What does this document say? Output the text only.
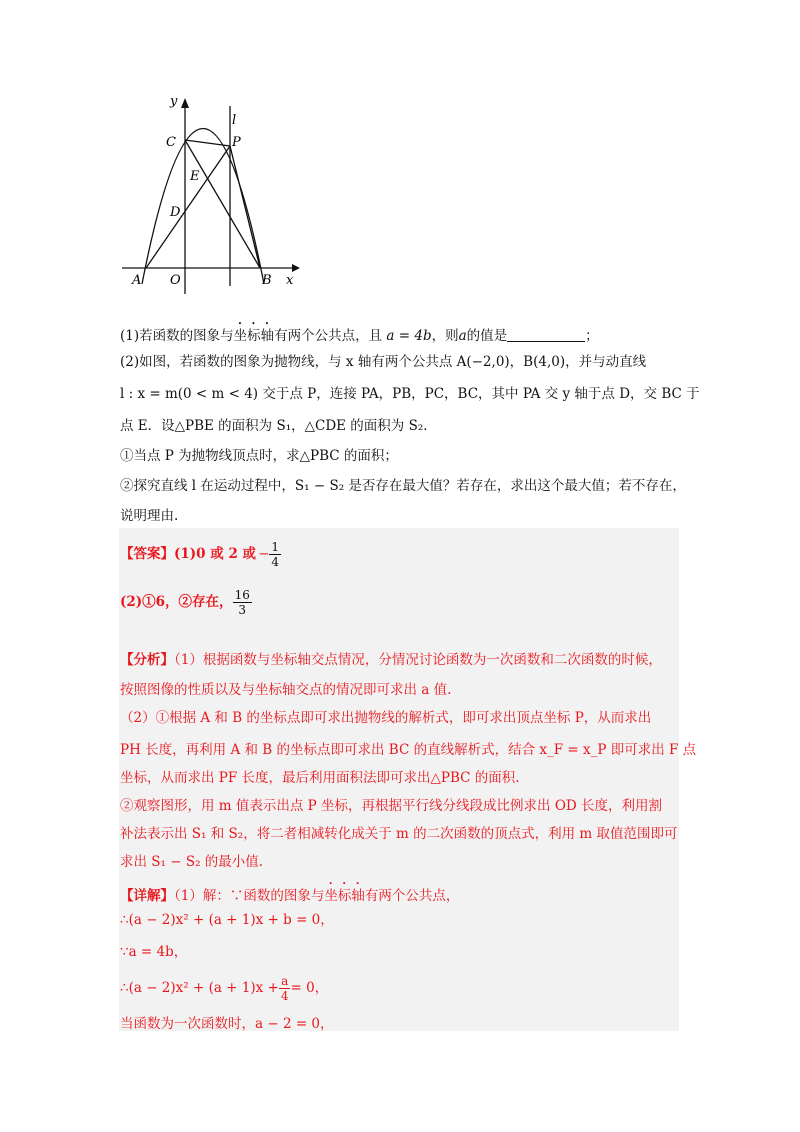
y
l
C	P
E
D
A O	B x
(1)若函数的图象与坐标轴有两个公共点，且 a = 4b，则a的值是	；
(2)如图，若函数的图象为抛物线，与 x 轴有两个公共点 A(−2,0)，B(4,0)，并与动直线
l : x = m(0 < m < 4) 交于点 P，连接 PA，PB，PC，BC，其中 PA 交 y 轴于点 D，交 BC 于
点 E．设△PBE 的面积为 S₁，△CDE 的面积为 S₂．
①当点 P 为抛物线顶点时，求△PBC 的面积；
②探究直线 l 在运动过程中，S₁ − S₂ 是否存在最大值？若存在，求出这个最大值；若不存在，
说明理由.
【答案】(1)0 或 2 或 − $\frac{1}{4}$
(2)①6，②存在， $\frac{16}{3}$
【分析】（1）根据函数与坐标轴交点情况，分情况讨论函数为一次函数和二次函数的时候，
按照图像的性质以及与坐标轴交点的情况即可求出 a 值.
（2）①根据 A 和 B 的坐标点即可求出抛物线的解析式，即可求出顶点坐标 P，从而求出
PH 长度，再利用 A 和 B 的坐标点即可求出 BC 的直线解析式，结合 x_F = x_P 即可求出 F 点
坐标，从而求出 PF 长度，最后利用面积法即可求出△PBC 的面积.
②观察图形，用 m 值表示出点 P 坐标，再根据平行线分线段成比例求出 OD 长度，利用割
补法表示出 S₁ 和 S₂，将二者相减转化成关于 m 的二次函数的顶点式，利用 m 取值范围即可
求出 S₁ − S₂ 的最小值.
【详解】（1）解：∵函数的图象与坐标轴有两个公共点，
∴(a − 2)x² + (a + 1)x + b = 0，
∵a = 4b，
∴(a − $2)x^2 + (a + 1)x + \frac{a}{4} = 0$，
当函数为一次函数时，a − 2 = 0，
